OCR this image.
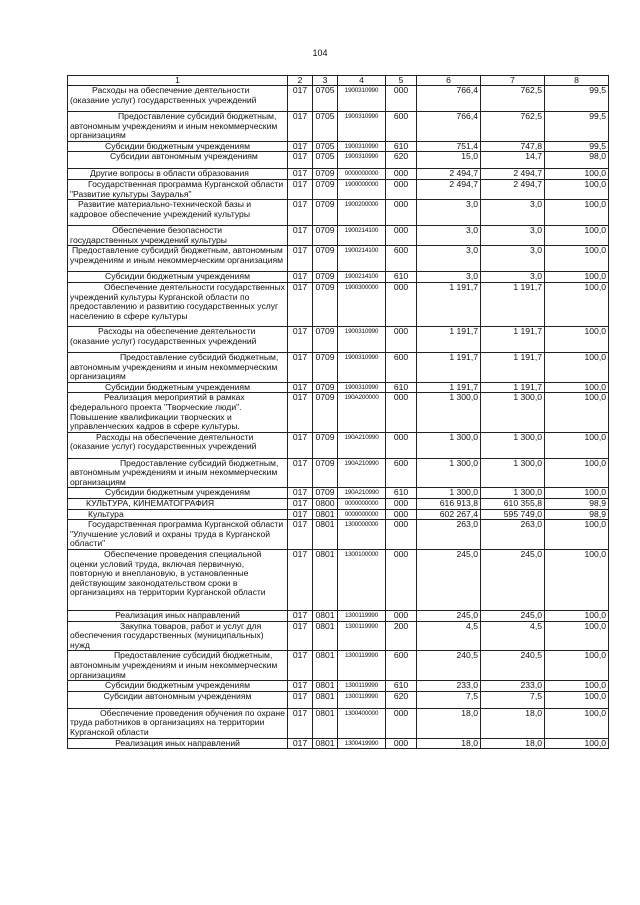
104
1	2	3	4	5	6	7	8
Расходы на обеспечение деятельности (оказание услуг) государственных учреждений	017	0705	1900310990	000	766,4	762,5	99,5
Предоставление субсидий бюджетным, автономным учреждениям и иным некоммерческим организациям	017	0705	1900310990	600	766,4	762,5	99,5
Субсидии бюджетным учреждениям	017	0705	1900310990	610	751,4	747,8	99,5
Субсидии автономным учреждениям	017	0705	1900310990	620	15,0	14,7	98,0
Другие вопросы в области образования	017	0709	0000000000	000	2 494,7	2 494,7	100,0
Государственная программа Курганской области "Развитие культуры Зауралья"	017	0709	1900000000	000	2 494,7	2 494,7	100,0
Развитие материально-технической базы и кадровое обеспечение учреждений культуры	017	0709	1900200000	000	3,0	3,0	100,0
Обеспечение безопасности государственных учреждений культуры	017	0709	1900214100	000	3,0	3,0	100,0
Предоставление субсидий бюджетным, автономным учреждениям и иным некоммерческим организациям	017	0709	1900214100	600	3,0	3,0	100,0
Субсидии бюджетным учреждениям	017	0709	1900214100	610	3,0	3,0	100,0
Обеспечение деятельности государственных учреждений культуры Курганской области по предоставлению и развитию государственных услуг населению в сфере культуры	017	0709	1900300000	000	1 191,7	1 191,7	100,0
Расходы на обеспечение деятельности (оказание услуг) государственных учреждений	017	0709	1900310990	000	1 191,7	1 191,7	100,0
Предоставление субсидий бюджетным, автономным учреждениям и иным некоммерческим организациям	017	0709	1900310990	600	1 191,7	1 191,7	100,0
Субсидии бюджетным учреждениям	017	0709	1900310990	610	1 191,7	1 191,7	100,0
Реализация мероприятий в рамках федерального проекта "Творческие люди". Повышение квалификации творческих и управленческих кадров в сфере культуры.	017	0709	190A200000	000	1 300,0	1 300,0	100,0
Расходы на обеспечение деятельности (оказание услуг) государственных учреждений	017	0709	190A210990	000	1 300,0	1 300,0	100,0
Предоставление субсидий бюджетным, автономным учреждениям и иным некоммерческим организациям	017	0709	190A210990	600	1 300,0	1 300,0	100,0
Субсидии бюджетным учреждениям	017	0709	190A210990	610	1 300,0	1 300,0	100,0
КУЛЬТУРА, КИНЕМАТОГРАФИЯ	017	0800	0000000000	000	616 913,8	610 355,8	98,9
Культура	017	0801	0000000000	000	602 267,4	595 749,0	98,9
Государственная программа Курганской области "Улучшение условий и охраны труда в Курганской области"	017	0801	1300000000	000	263,0	263,0	100,0
Обеспечение проведения специальной оценки условий труда, включая первичную, повторную и внеплановую, в установленные действующим законодательством сроки в организациях на территории Курганской области	017	0801	1300100000	000	245,0	245,0	100,0
Реализация иных направлений	017	0801	1300119990	000	245,0	245,0	100,0
Закупка товаров, работ и услуг для обеспечения государственных (муниципальных) нужд	017	0801	1300119990	200	4,5	4,5	100,0
Предоставление субсидий бюджетным, автономным учреждениям и иным некоммерческим организациям	017	0801	1300119990	600	240,5	240,5	100,0
Субсидии бюджетным учреждениям	017	0801	1300119990	610	233,0	233,0	100,0
Субсидии автономным учреждениям	017	0801	1300119990	620	7,5	7,5	100,0
Обеспечение проведения обучения по охране труда работников в организациях на территории Курганской области	017	0801	1300400000	000	18,0	18,0	100,0
Реализация иных направлений	017	0801	1300419990	000	18,0	18,0	100,0
